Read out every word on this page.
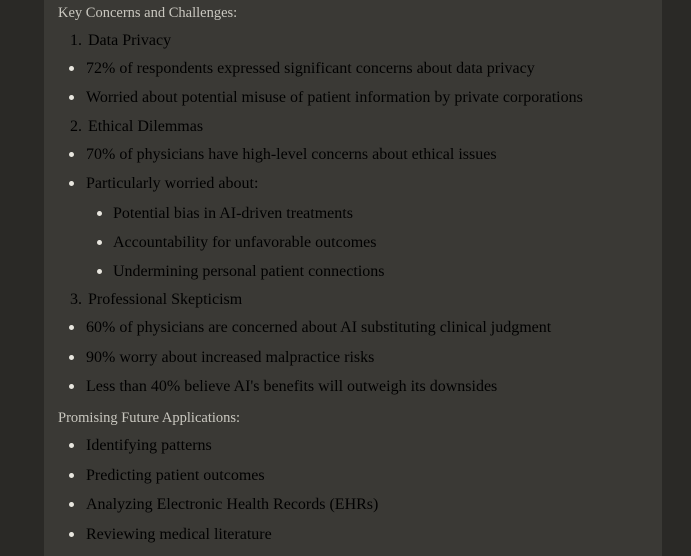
Key Concerns and Challenges:
1. Data Privacy
72% of respondents expressed significant concerns about data privacy
Worried about potential misuse of patient information by private corporations
2. Ethical Dilemmas
70% of physicians have high-level concerns about ethical issues
Particularly worried about:
Potential bias in AI-driven treatments
Accountability for unfavorable outcomes
Undermining personal patient connections
3. Professional Skepticism
60% of physicians are concerned about AI substituting clinical judgment
90% worry about increased malpractice risks
Less than 40% believe AI's benefits will outweigh its downsides
Promising Future Applications:
Identifying patterns
Predicting patient outcomes
Analyzing Electronic Health Records (EHRs)
Reviewing medical literature
